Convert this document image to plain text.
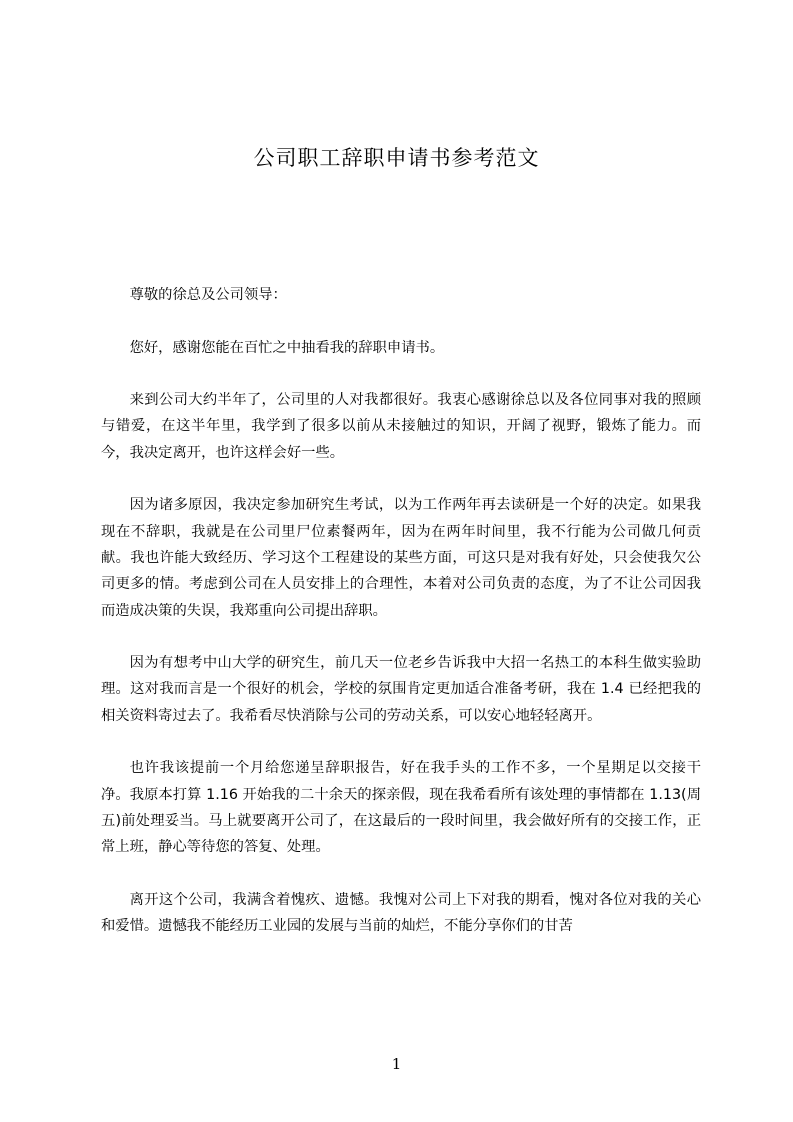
公司职工辞职申请书参考范文

尊敬的徐总及公司领导：

您好，感谢您能在百忙之中抽看我的辞职申请书。

来到公司大约半年了，公司里的人对我都很好。我衷心感谢徐总以及各位同事对我的照顾与错爱，在这半年里，我学到了很多以前从未接触过的知识，开阔了视野，锻炼了能力。而今，我决定离开，也许这样会好一些。

因为诸多原因，我决定参加研究生考试，以为工作两年再去读研是一个好的决定。如果我现在不辞职，我就是在公司里尸位素餐两年，因为在两年时间里，我不行能为公司做几何贡献。我也许能大致经历、学习这个工程建设的某些方面，可这只是对我有好处，只会使我欠公司更多的情。考虑到公司在人员安排上的合理性，本着对公司负责的态度，为了不让公司因我而造成决策的失误，我郑重向公司提出辞职。

因为有想考中山大学的研究生，前几天一位老乡告诉我中大招一名热工的本科生做实验助理。这对我而言是一个很好的机会，学校的氛围肯定更加适合准备考研，我在 1.4 已经把我的相关资料寄过去了。我希看尽快消除与公司的劳动关系，可以安心地轻轻离开。

也许我该提前一个月给您递呈辞职报告，好在我手头的工作不多，一个星期足以交接干净。我原本打算 1.16 开始我的二十余天的探亲假，现在我希看所有该处理的事情都在 1.13(周五)前处理妥当。马上就要离开公司了，在这最后的一段时间里，我会做好所有的交接工作，正常上班，静心等待您的答复、处理。

离开这个公司，我满含着愧疚、遗憾。我愧对公司上下对我的期看，愧对各位对我的关心和爱惜。遗憾我不能经历工业园的发展与当前的灿烂，不能分享你们的甘苦

1
